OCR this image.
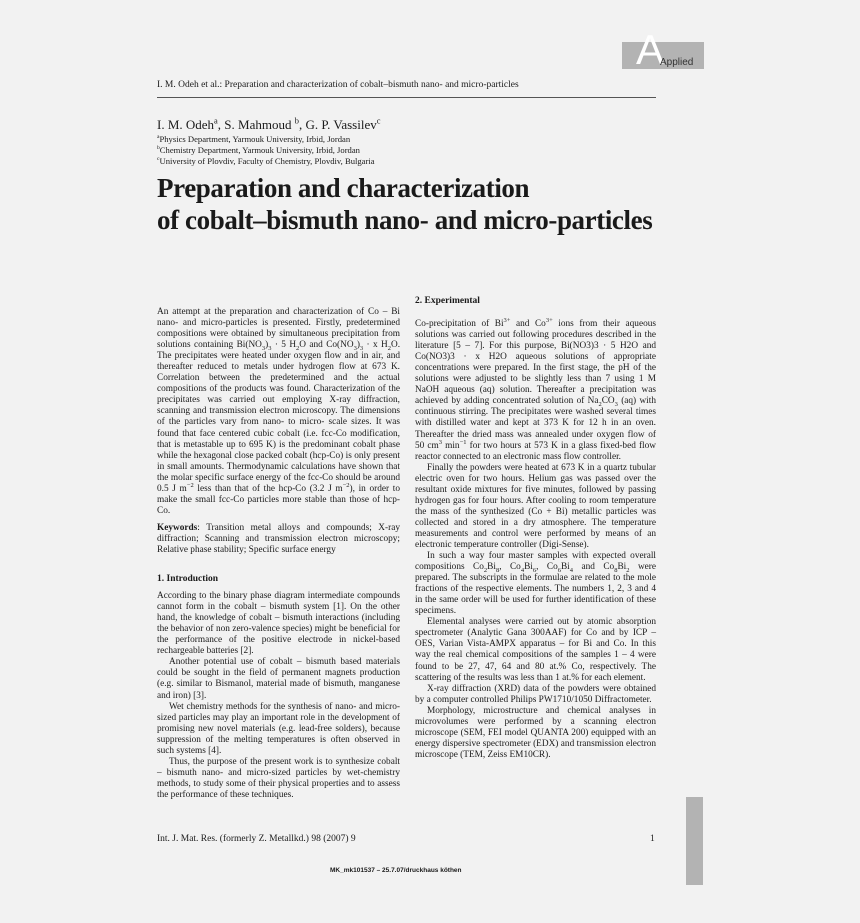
A
Applied
I. M. Odeh et al.: Preparation and characterization of cobalt–bismuth nano- and micro-particles
I. M. Odeh$^a$, S. Mahmoud $^b$, G. P. Vassilev$^c$
$^a$Physics Department, Yarmouk University, Irbid, Jordan
$^b$Chemistry Department, Yarmouk University, Irbid, Jordan
$^c$University of Plovdiv, Faculty of Chemistry, Plovdiv, Bulgaria
Preparation and characterization
of cobalt–bismuth nano- and micro-particles

An attempt at the preparation and characterization of Co – Bi nano- and micro-particles is presented. Firstly, predetermined compositions were obtained by simultaneous precipitation from solutions containing $Bi(NO_3)_3 \cdot 5$ $H_2O$ and $Co(NO_3)_3 \cdot x$ $H_2O$. The precipitates were heated under oxygen flow and in air, and thereafter reduced to metals under hydrogen flow at 673 K. Correlation between the predetermined and the actual compositions of the products was found. Characterization of the precipitates was carried out employing X-ray diffraction, scanning and transmission electron microscopy. The dimensions of the particles vary from nano- to micro- scale sizes. It was found that face centered cubic cobalt (i.e. fcc-Co modification, that is metastable up to 695 K) is the predominant cobalt phase while the hexagonal close packed cobalt (hcp-Co) is only present in small amounts. Thermodynamic calculations have shown that the molar specific surface energy of the fcc-Co should be around 0.5 J $m^{-2}$ less than that of the hcp-Co (3.2 J $m^{-2}$), in order to make the small fcc-Co particles more stable than those of hcp-Co.

Keywords: Transition metal alloys and compounds; X-ray diffraction; Scanning and transmission electron microscopy; Relative phase stability; Specific surface energy

1. Introduction

According to the binary phase diagram intermediate compounds cannot form in the cobalt – bismuth system [1]. On the other hand, the knowledge of cobalt – bismuth interactions (including the behavior of non zero-valence species) might be beneficial for the performance of the positive electrode in nickel-based rechargeable batteries [2].

Another potential use of cobalt – bismuth based materials could be sought in the field of permanent magnets production (e.g. similar to Bismanol, material made of bismuth, manganese and iron) [3].

Wet chemistry methods for the synthesis of nano- and micro-sized particles may play an important role in the development of promising new novel materials (e.g. lead-free solders), because suppression of the melting temperatures is often observed in such systems [4].

Thus, the purpose of the present work is to synthesize cobalt – bismuth nano- and micro-sized particles by wet-chemistry methods, to study some of their physical properties and to assess the performance of these techniques.

2. Experimental

Co-precipitation of $Bi^{3+}$ and $Co^{3+}$ ions from their aqueous solutions was carried out following procedures described in the literature [5 – 7]. For this purpose, Bi(NO3)3 · 5 H2O and Co(NO3)3 · x H2O aqueous solutions of appropriate concentrations were prepared. In the first stage, the pH of the solutions were adjusted to be slightly less than 7 using 1 M NaOH aqueous (aq) solution. Thereafter a precipitation was achieved by adding concentrated solution of $Na_2CO_3$ (aq) with continuous stirring. The precipitates were washed several times with distilled water and kept at 373 K for 12 h in an oven. Thereafter the dried mass was annealed under oxygen flow of 50 $cm^3$ $\min^{-1}$ for two hours at 573 K in a glass fixed-bed flow reactor connected to an electronic mass flow controller.

Finally the powders were heated at 673 K in a quartz tubular electric oven for two hours. Helium gas was passed over the resultant oxide mixtures for five minutes, followed by passing hydrogen gas for four hours. After cooling to room temperature the mass of the synthesized (Co + Bi) metallic particles was collected and stored in a dry atmosphere. The temperature measurements and control were performed by means of an electronic temperature controller (Digi-Sense).

In such a way four master samples with expected overall compositions $Co_2Bi_8$, $Co_4Bi_6$, $Co_6Bi_4$ and $Co_8Bi_2$ were prepared. The subscripts in the formulae are related to the mole fractions of the respective elements. The numbers 1, 2, 3 and 4 in the same order will be used for further identification of these specimens.

Elemental analyses were carried out by atomic absorption spectrometer (Analytic Gana 300AAF) for Co and by ICP – OES, Varian Vista-AMPX apparatus – for Bi and Co. In this way the real chemical compositions of the samples 1 – 4 were found to be 27, 47, 64 and 80 at.% Co, respectively. The scattering of the results was less than 1 at.% for each element.

X-ray diffraction (XRD) data of the powders were obtained by a computer controlled Philips PW1710/1050 Diffractometer.

Morphology, microstructure and chemical analyses in microvolumes were performed by a scanning electron microscope (SEM, FEI model QUANTA 200) equipped with an energy dispersive spectrometer (EDX) and transmission electron microscope (TEM, Zeiss EM10CR).

Int. J. Mat. Res. (formerly Z. Metallkd.) 98 (2007) 9	1
MK_mk101537 – 25.7.07/druckhaus köthen
